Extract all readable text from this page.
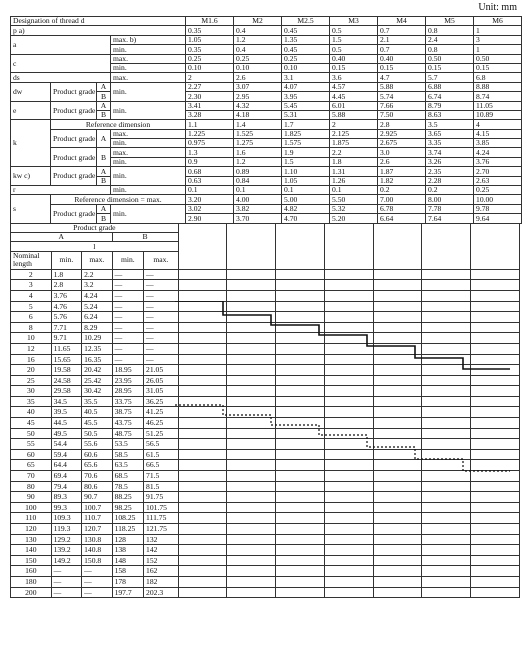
Unit: mm
Designation of thread d				M1.6	M2	M2.5	M3	M4	M5	M6
p a)				0.35	0.4	0.45	0.5	0.7	0.8	1
a			max. b)	1.05	1.2	1.35	1.5	2.1	2.4	3
			min.	0.35	0.4	0.45	0.5	0.7	0.8	1
c			max.	0.25	0.25	0.25	0.40	0.40	0.50	0.50
			min.	0.10	0.10	0.10	0.15	0.15	0.15	0.15
ds			max.	2	2.6	3.1	3.6	4.7	5.7	6.8
dw	Product grade	A	min.	2.27	3.07	4.07	4.57	5.88	6.88	8.88
		B		2.30	2.95	3.95	4.45	5.74	6.74	8.74
e	Product grade	A	min.	3.41	4.32	5.45	6.01	7.66	8.79	11.05
		B		3.28	4.18	5.31	5.88	7.50	8.63	10.89
k	Reference dimension			1.1	1.4	1.7	2	2.8	3.5	4
	Product grade	A	max.	1.225	1.525	1.825	2.125	2.925	3.65	4.15
			min.	0.975	1.275	1.575	1.875	2.675	3.35	3.85
	Product grade	B	max.	1.3	1.6	1.9	2.2	3.0	3.74	4.24
			min.	0.9	1.2	1.5	1.8	2.6	3.26	3.76
kw c)	Product grade	A	min.	0.68	0.89	1.10	1.31	1.87	2.35	2.70
		B		0.63	0.84	1.05	1.26	1.82	2.28	2.63
r			min.	0.1	0.1	0.1	0.1	0.2	0.2	0.25
s	Reference dimension = max.			3.20	4.00	5.00	5.50	7.00	8.00	10.00
	Product grade	A	min.	3.02	3.82	4.82	5.32	6.78	7.78	9.78
		B		2.90	3.70	4.70	5.20	6.64	7.64	9.64
Product grade											
A			B								
l											
Nominal length	min.	max.	min.	max.							
2	1.8	2.2	—	—							
3	2.8	3.2	—	—							
4	3.76	4.24	—	—							
5	4.76	5.24	—	—							
6	5.76	6.24	—	—							
8	7.71	8.29	—	—							
10	9.71	10.29	—	—							
12	11.65	12.35	—	—							
16	15.65	16.35	—	—							
20	19.58	20.42	18.95	21.05							
25	24.58	25.42	23.95	26.05							
30	29.58	30.42	28.95	31.05							
35	34.5	35.5	33.75	36.25							
40	39.5	40.5	38.75	41.25							
45	44.5	45.5	43.75	46.25							
50	49.5	50.5	48.75	51.25							
55	54.4	55.6	53.5	56.5							
60	59.4	60.6	58.5	61.5							
65	64.4	65.6	63.5	66.5							
70	69.4	70.6	68.5	71.5							
80	79.4	80.6	78.5	81.5							
90	89.3	90.7	88.25	91.75							
100	99.3	100.7	98.25	101.75							
110	109.3	110.7	108.25	111.75							
120	119.3	120.7	118.25	121.75							
130	129.2	130.8	128	132							
140	139.2	140.8	138	142							
150	149.2	150.8	148	152							
160	—	—	158	162							
180	—	—	178	182							
200	—	—	197.7	202.3							
